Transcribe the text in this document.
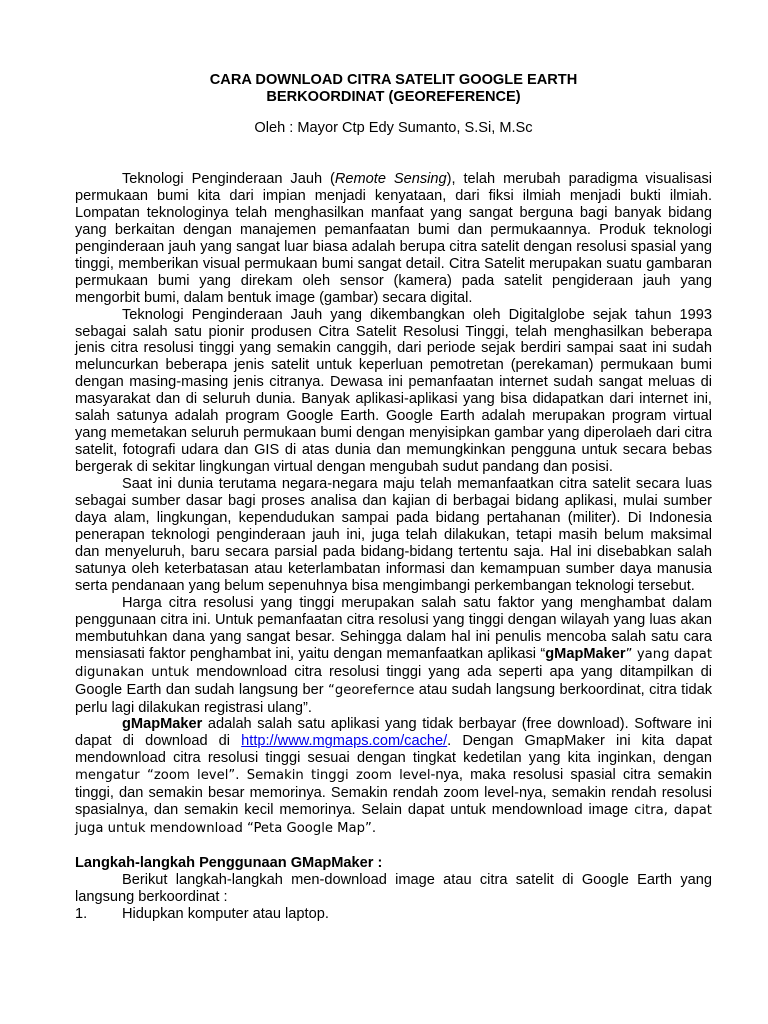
CARA DOWNLOAD CITRA SATELIT GOOGLE EARTH
BERKOORDINAT (GEOREFERENCE)
Oleh : Mayor Ctp Edy Sumanto, S.Si, M.Sc

Teknologi Penginderaan Jauh (Remote Sensing), telah merubah paradigma visualisasi permukaan bumi kita dari impian menjadi kenyataan, dari fiksi ilmiah menjadi bukti ilmiah. Lompatan teknologinya telah menghasilkan manfaat yang sangat berguna bagi banyak bidang yang berkaitan dengan manajemen pemanfaatan bumi dan permukaannya. Produk teknologi penginderaan jauh yang sangat luar biasa adalah berupa citra satelit dengan resolusi spasial yang tinggi, memberikan visual permukaan bumi sangat detail. Citra Satelit merupakan suatu gambaran permukaan bumi yang direkam oleh sensor (kamera) pada satelit pengideraan jauh yang mengorbit bumi, dalam bentuk image (gambar) secara digital.

Teknologi Penginderaan Jauh yang dikembangkan oleh Digitalglobe sejak tahun 1993 sebagai salah satu pionir produsen Citra Satelit Resolusi Tinggi, telah menghasilkan beberapa jenis citra resolusi tinggi yang semakin canggih, dari periode sejak berdiri sampai saat ini sudah meluncurkan beberapa jenis satelit untuk keperluan pemotretan (perekaman) permukaan bumi dengan masing-masing jenis citranya. Dewasa ini pemanfaatan internet sudah sangat meluas di masyarakat dan di seluruh dunia. Banyak aplikasi-aplikasi yang bisa didapatkan dari internet ini, salah satunya adalah program Google Earth. Google Earth adalah merupakan program virtual yang memetakan seluruh permukaan bumi dengan menyisipkan gambar yang diperolaeh dari citra satelit, fotografi udara dan GIS di atas dunia dan memungkinkan pengguna untuk secara bebas bergerak di sekitar lingkungan virtual dengan mengubah sudut pandang dan posisi.

Saat ini dunia terutama negara-negara maju telah memanfaatkan citra satelit secara luas sebagai sumber dasar bagi proses analisa dan kajian di berbagai bidang aplikasi, mulai sumber daya alam, lingkungan, kependudukan sampai pada bidang pertahanan (militer). Di Indonesia penerapan teknologi penginderaan jauh ini, juga telah dilakukan, tetapi masih belum maksimal dan menyeluruh, baru secara parsial pada bidang-bidang tertentu saja. Hal ini disebabkan salah satunya oleh keterbatasan atau keterlambatan informasi dan kemampuan sumber daya manusia serta pendanaan yang belum sepenuhnya bisa mengimbangi perkembangan teknologi tersebut.

Harga citra resolusi yang tinggi merupakan salah satu faktor yang menghambat dalam penggunaan citra ini. Untuk pemanfaatan citra resolusi yang tinggi dengan wilayah yang luas akan membutuhkan dana yang sangat besar. Sehingga dalam hal ini penulis mencoba salah satu cara mensiasati faktor penghambat ini, yaitu dengan memanfaatkan aplikasi “gMapMaker” yang dapat digunakan untuk mendownload citra resolusi tinggi yang ada seperti apa yang ditampilkan di Google Earth dan sudah langsung ber “georefernce atau sudah langsung berkoordinat, citra tidak perlu lagi dilakukan registrasi ulang”.

gMapMaker adalah salah satu aplikasi yang tidak berbayar (free download). Software ini dapat di download di http://www.mgmaps.com/cache/. Dengan GmapMaker ini kita dapat mendownload citra resolusi tinggi sesuai dengan tingkat kedetilan yang kita inginkan, dengan mengatur “zoom level”. Semakin tinggi zoom level-nya, maka resolusi spasial citra semakin tinggi, dan semakin besar memorinya. Semakin rendah zoom level-nya, semakin rendah resolusi spasialnya, dan semakin kecil memorinya. Selain dapat untuk mendownload image citra, dapat juga untuk mendownload “Peta Google Map”.

Langkah-langkah Penggunaan GMapMaker :

Berikut langkah-langkah men-download image atau citra satelit di Google Earth yang langsung berkoordinat :

1.	Hidupkan komputer atau laptop.
